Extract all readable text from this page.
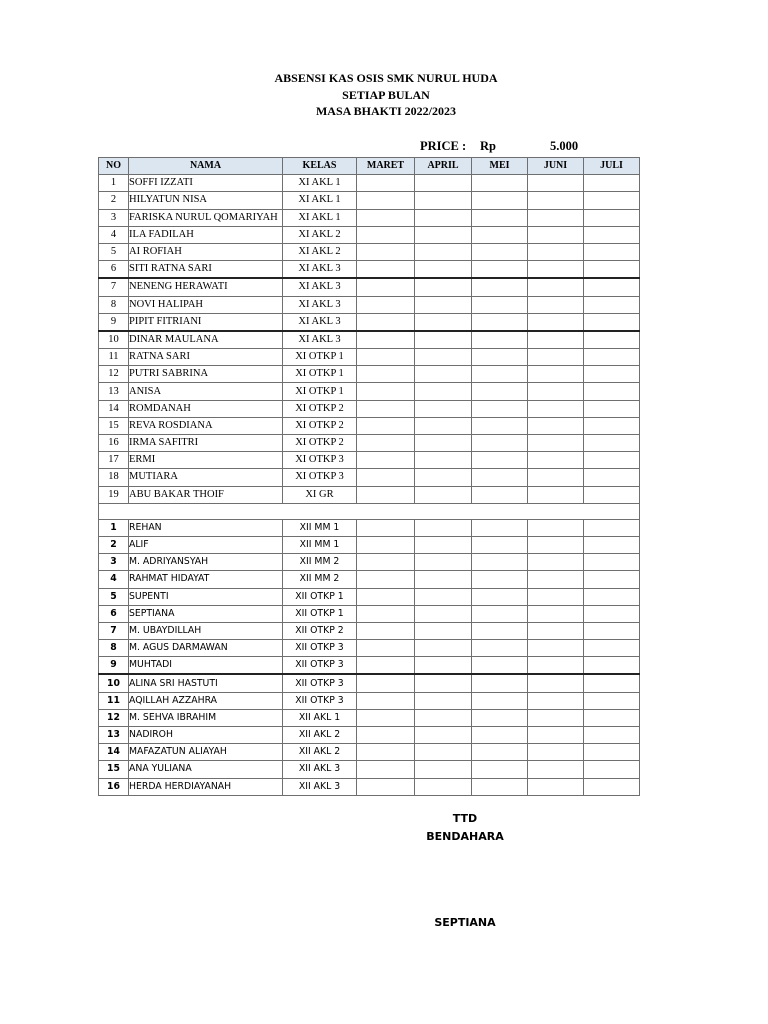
ABSENSI KAS OSIS SMK NURUL HUDA
SETIAP BULAN
MASA BHAKTI 2022/2023
PRICE : Rp	5.000
NO	NAMA	KELAS	MARET	APRIL	MEI	JUNI	JULI
1	SOFFI IZZATI	XI AKL 1					
2	HILYATUN NISA	XI AKL 1					
3	FARISKA NURUL QOMARIYAH	XI AKL 1					
4	ILA FADILAH	XI AKL 2					
5	AI ROFIAH	XI AKL 2					
6	SITI RATNA SARI	XI AKL 3					
7	NENENG HERAWATI	XI AKL 3					
8	NOVI HALIPAH	XI AKL 3					
9	PIPIT FITRIANI	XI AKL 3					
10	DINAR MAULANA	XI AKL 3					
11	RATNA SARI	XI OTKP 1					
12	PUTRI SABRINA	XI OTKP 1					
13	ANISA	XI OTKP 1					
14	ROMDANAH	XI OTKP 2					
15	REVA ROSDIANA	XI OTKP 2					
16	IRMA SAFITRI	XI OTKP 2					
17	ERMI	XI OTKP 3					
18	MUTIARA	XI OTKP 3					
19	ABU BAKAR THOIF	XI GR					

1	REHAN	XII MM 1					
2	ALIF	XII MM 1					
3	M. ADRIYANSYAH	XII MM 2					
4	RAHMAT HIDAYAT	XII MM 2					
5	SUPENTI	XII OTKP 1					
6	SEPTIANA	XII OTKP 1					
7	M. UBAYDILLAH	XII OTKP 2					
8	M. AGUS DARMAWAN	XII OTKP 3					
9	MUHTADI	XII OTKP 3					
10	ALINA SRI HASTUTI	XII OTKP 3					
11	AQILLAH AZZAHRA	XII OTKP 3					
12	M. SEHVA IBRAHIM	XII AKL 1					
13	NADIROH	XII AKL 2					
14	MAFAZATUN ALIAYAH	XII AKL 2					
15	ANA YULIANA	XII AKL 3					
16	HERDA HERDIAYANAH	XII AKL 3					
TTD
BENDAHARA
SEPTIANA
